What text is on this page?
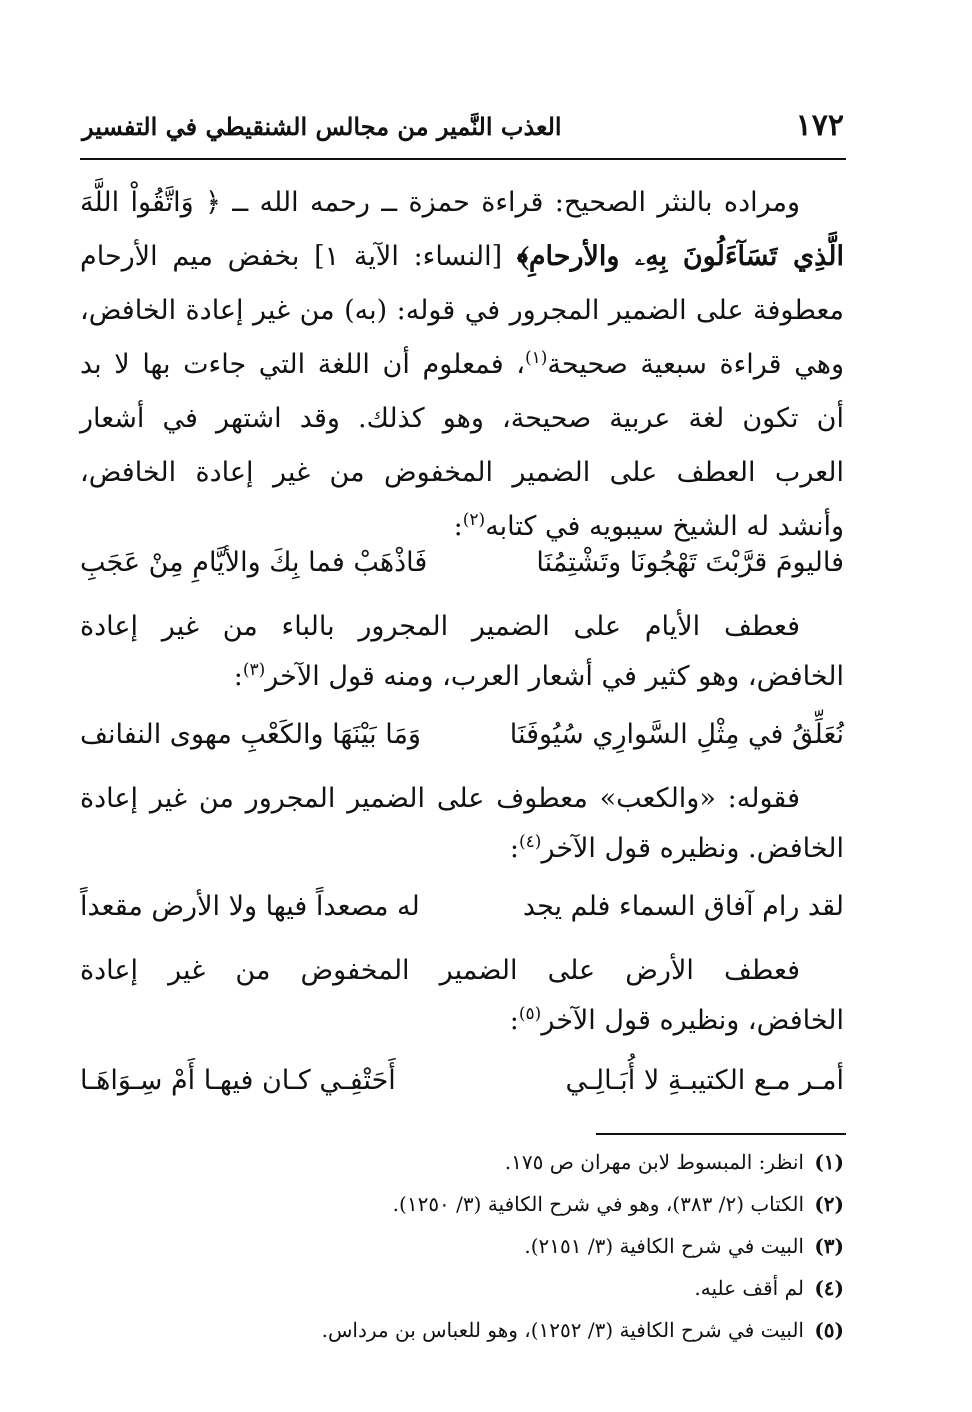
١٧٢
العذب النَّمير من مجالس الشنقيطي في التفسير
ومراده بالنثر الصحيح: قراءة حمزة ــ رحمه الله ــ ﴿ وَاتَّقُواْ اللَّهَ
الَّذِي تَسَآءَلُونَ بِهِۦ والأرحامِ﴾ [النساء: الآية ١] بخفض ميم الأرحام
معطوفة على الضمير المجرور في قوله: (به) من غير إعادة الخافض،
وهي قراءة سبعية صحيحة$^{(١)}$، فمعلوم أن اللغة التي جاءت بها لا بد
أن تكون لغة عربية صحيحة، وهو كذلك. وقد اشتهر في أشعار
العرب العطف على الضمير المخفوض من غير إعادة الخافض،
وأنشد له الشيخ سيبويه في كتابه$^{(٢)}$:
فاليومَ قرَّبْتَ تَهْجُونَا وتَشْتِمُنَا
فَاذْهَبْ فما بِكَ والأيَّامِ مِنْ عَجَبِ
فعطف الأيام على الضمير المجرور بالباء من غير إعادة
الخافض، وهو كثير في أشعار العرب، ومنه قول الآخر$^{(٣)}$:
نُعَلِّقُ في مِثْلِ السَّوارِي سُيُوفَنَا
وَمَا بَيْنَهَا والكَعْبِ مهوى النفانف
فقوله: «والكعب» معطوف على الضمير المجرور من غير إعادة
الخافض. ونظيره قول الآخر$^{(٤)}$:
لقد رام آفاق السماء فلم يجد
له مصعداً فيها ولا الأرض مقعداً
فعطف الأرض على الضمير المخفوض من غير إعادة
الخافض، ونظيره قول الآخر$^{(٥)}$:
أمـر مـع الكتيبـةِ لا أُبَـالِـي
أَحَتْفِـي كـان فيهـا أَمْ سِـوَاهَـا
(١)انظر: المبسوط لابن مهران ص ١٧٥.
(٢)الكتاب (٢/ ٣٨٣)، وهو في شرح الكافية (٣/ ١٢٥٠).
(٣)البيت في شرح الكافية (٣/ ٢١٥١).
(٤)لم أقف عليه.
(٥)البيت في شرح الكافية (٣/ ١٢٥٢)، وهو للعباس بن مرداس.
